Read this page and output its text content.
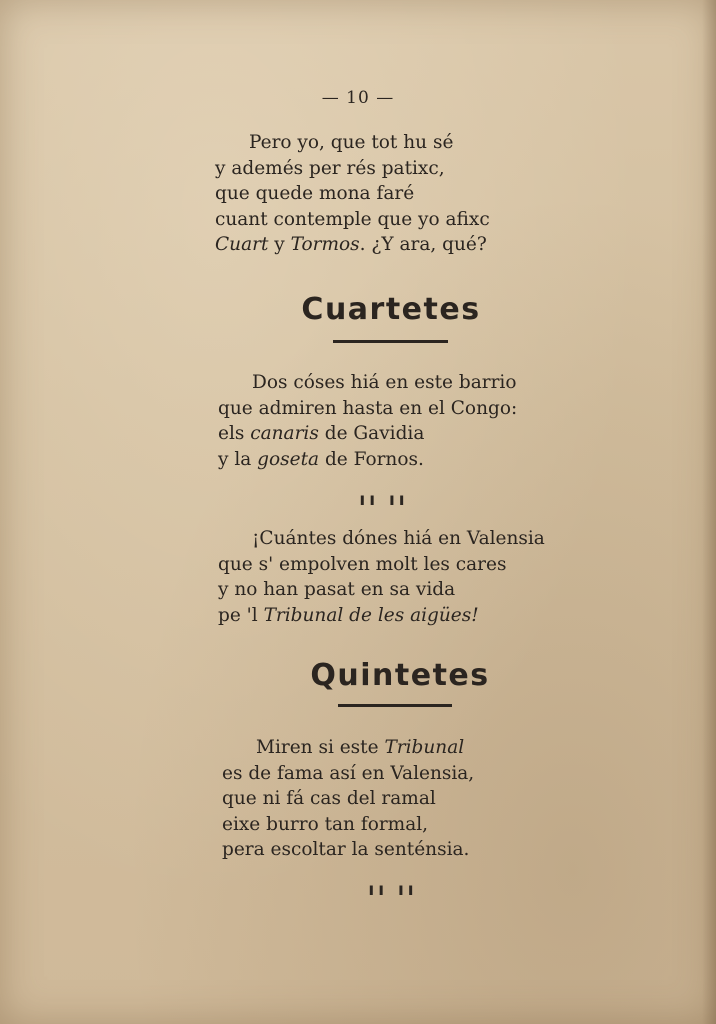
— 10 —
Pero yo, que tot hu sé
y ademés per rés patixc,
que quede mona faré
cuant contemple que yo afixc
Cuart y Tormos. ¿Y ara, qué?
Cuartetes
Dos cóses hiá en este barrio
que admiren hasta en el Congo:
els canaris de Gavidia
y la goseta de Fornos.
ıı ıı
¡Cuántes dónes hiá en Valensia
que s' empolven molt les cares
y no han pasat en sa vida
pe 'l Tribunal de les aigües!
Quintetes
Miren si este Tribunal
es de fama así en Valensia,
que ni fá cas del ramal
eixe burro tan formal,
pera escoltar la senténsia.
ıı ıı
